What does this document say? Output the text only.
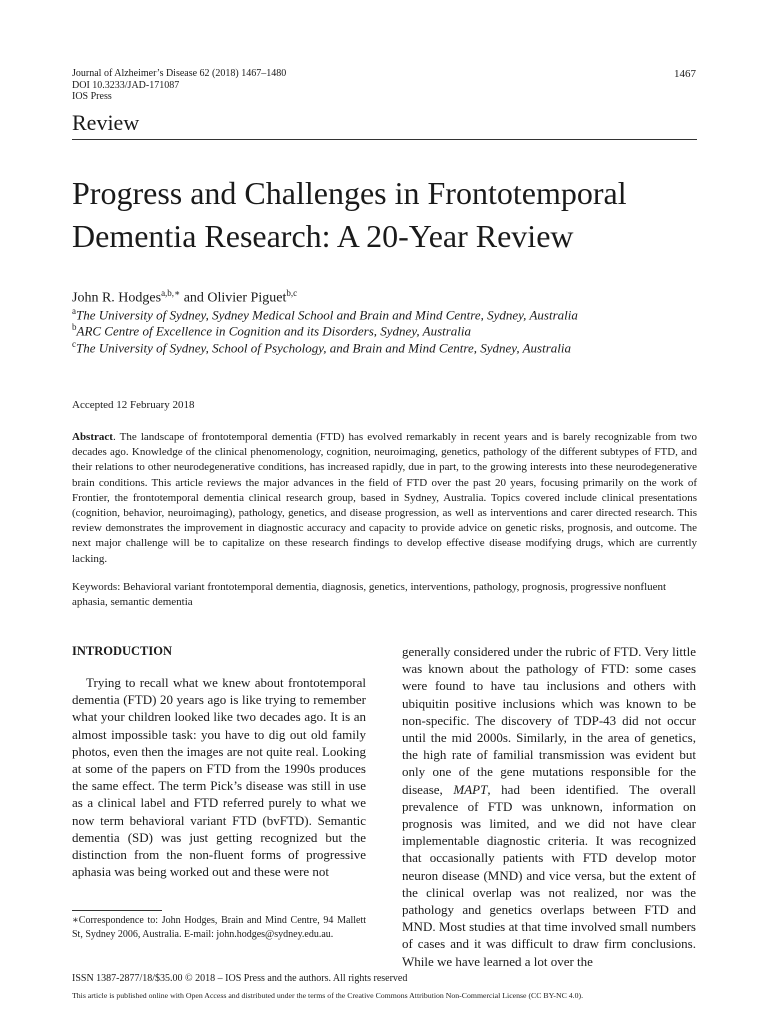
Journal of Alzheimer’s Disease 62 (2018) 1467–1480
DOI 10.3233/JAD-171087
IOS Press
1467
Review
Progress and Challenges in Frontotemporal Dementia Research: A 20-Year Review
John R. Hodges$^{a,b,∗}$ and Olivier Piguet$^{b,c}$
$^a$The University of Sydney, Sydney Medical School and Brain and Mind Centre, Sydney, Australia
$^b$ARC Centre of Excellence in Cognition and its Disorders, Sydney, Australia
$^c$The University of Sydney, School of Psychology, and Brain and Mind Centre, Sydney, Australia
Accepted 12 February 2018
Abstract. The landscape of frontotemporal dementia (FTD) has evolved remarkably in recent years and is barely recognizable from two decades ago. Knowledge of the clinical phenomenology, cognition, neuroimaging, genetics, pathology of the different subtypes of FTD, and their relations to other neurodegenerative conditions, has increased rapidly, due in part, to the growing interests into these neurodegenerative brain conditions. This article reviews the major advances in the field of FTD over the past 20 years, focusing primarily on the work of Frontier, the frontotemporal dementia clinical research group, based in Sydney, Australia. Topics covered include clinical presentations (cognition, behavior, neuroimaging), pathology, genetics, and disease progression, as well as interventions and carer directed research. This review demonstrates the improvement in diagnostic accuracy and capacity to provide advice on genetic risks, prognosis, and outcome. The next major challenge will be to capitalize on these research findings to develop effective disease modifying drugs, which are currently lacking.
Keywords: Behavioral variant frontotemporal dementia, diagnosis, genetics, interventions, pathology, prognosis, progressive nonfluent aphasia, semantic dementia
INTRODUCTION
Trying to recall what we knew about frontotemporal dementia (FTD) 20 years ago is like trying to remember what your children looked like two decades ago. It is an almost impossible task: you have to dig out old family photos, even then the images are not quite real. Looking at some of the papers on FTD from the 1990s produces the same effect. The term Pick’s disease was still in use as a clinical label and FTD referred purely to what we now term behavioral variant FTD (bvFTD). Semantic dementia (SD) was just getting recognized but the distinction from the non-fluent forms of progressive aphasia was being worked out and these were not
generally considered under the rubric of FTD. Very little was known about the pathology of FTD: some cases were found to have tau inclusions and others with ubiquitin positive inclusions which was known to be non-specific. The discovery of TDP-43 did not occur until the mid 2000s. Similarly, in the area of genetics, the high rate of familial transmission was evident but only one of the gene mutations responsible for the disease, MAPT, had been identified. The overall prevalence of FTD was unknown, information on prognosis was limited, and we did not have clear implementable diagnostic criteria. It was recognized that occasionally patients with FTD develop motor neuron disease (MND) and vice versa, but the extent of the clinical overlap was not realized, nor was the pathology and genetics overlaps between FTD and MND. Most studies at that time involved small numbers of cases and it was difficult to draw firm conclusions. While we have learned a lot over the
∗Correspondence to: John Hodges, Brain and Mind Centre, 94 Mallett St, Sydney 2006, Australia. E-mail: john.hodges@sydney.edu.au.
ISSN 1387-2877/18/$35.00 © 2018 – IOS Press and the authors. All rights reserved
This article is published online with Open Access and distributed under the terms of the Creative Commons Attribution Non-Commercial License (CC BY-NC 4.0).
